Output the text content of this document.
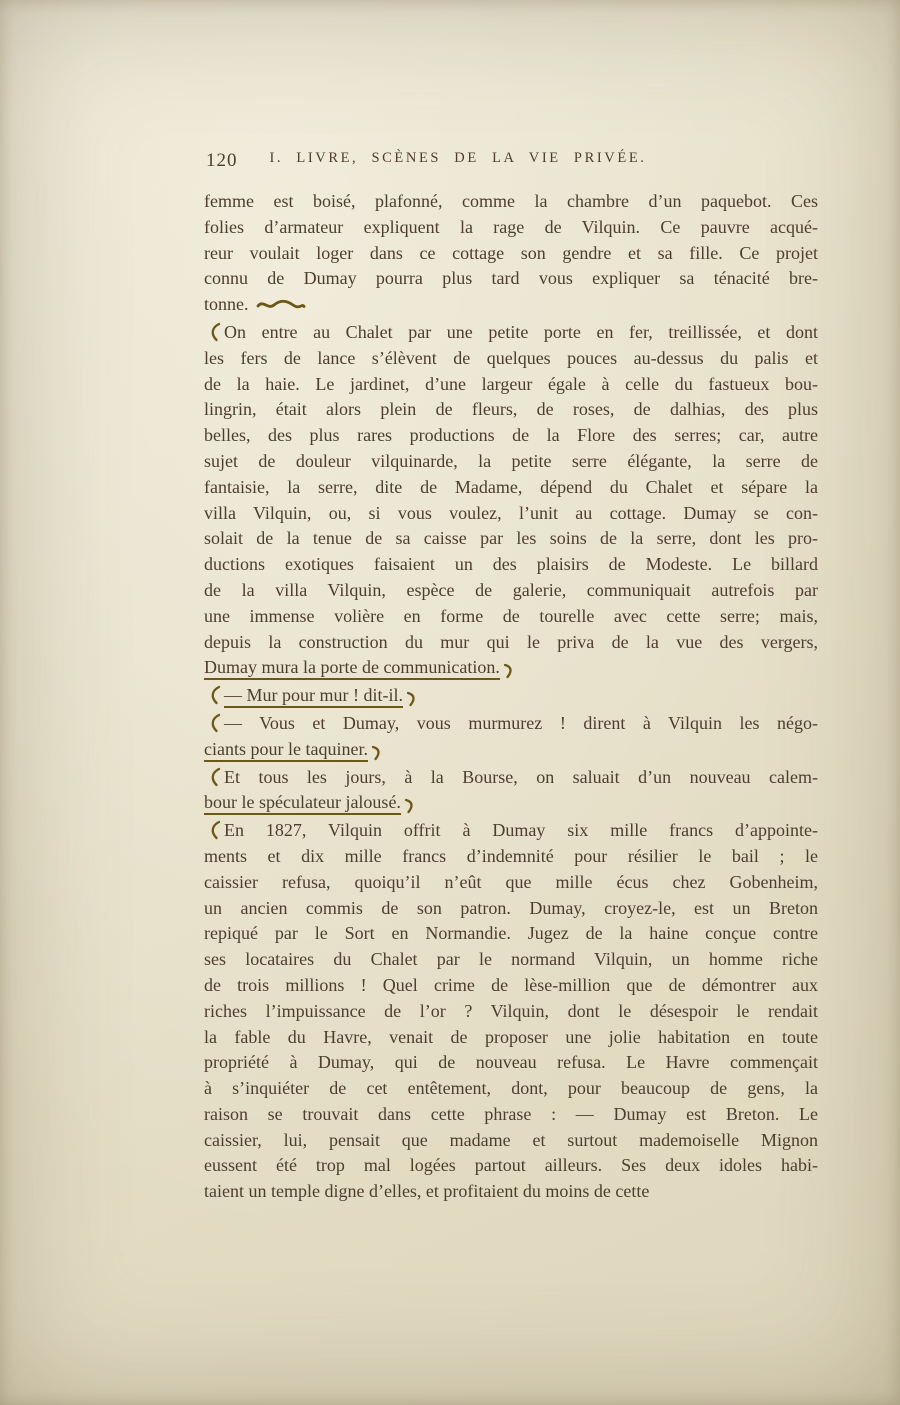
120 I. LIVRE, SCÈNES DE LA VIE PRIVÉE.
femme est boisé, plafonné, comme la chambre d’un paquebot. Ces
folies d’armateur expliquent la rage de Vilquin. Ce pauvre acqué-
reur voulait loger dans ce cottage son gendre et sa fille. Ce projet
connu de Dumay pourra plus tard vous expliquer sa ténacité bre-
tonne.
On entre au Chalet par une petite porte en fer, treillissée, et dont
les fers de lance s’élèvent de quelques pouces au-dessus du palis et
de la haie. Le jardinet, d’une largeur égale à celle du fastueux bou-
lingrin, était alors plein de fleurs, de roses, de dalhias, des plus
belles, des plus rares productions de la Flore des serres; car, autre
sujet de douleur vilquinarde, la petite serre élégante, la serre de
fantaisie, la serre, dite de Madame, dépend du Chalet et sépare la
villa Vilquin, ou, si vous voulez, l’unit au cottage. Dumay se con-
solait de la tenue de sa caisse par les soins de la serre, dont les pro-
ductions exotiques faisaient un des plaisirs de Modeste. Le billard
de la villa Vilquin, espèce de galerie, communiquait autrefois par
une immense volière en forme de tourelle avec cette serre; mais,
depuis la construction du mur qui le priva de la vue des vergers,
Dumay mura la porte de communication.
— Mur pour mur ! dit-il.
— Vous et Dumay, vous murmurez ! dirent à Vilquin les négo-
ciants pour le taquiner.
Et tous les jours, à la Bourse, on saluait d’un nouveau calem-
bour le spéculateur jalousé.
En 1827, Vilquin offrit à Dumay six mille francs d’appointe-
ments et dix mille francs d’indemnité pour résilier le bail ; le
caissier refusa, quoiqu’il n’eût que mille écus chez Gobenheim,
un ancien commis de son patron. Dumay, croyez-le, est un Breton
repiqué par le Sort en Normandie. Jugez de la haine conçue contre
ses locataires du Chalet par le normand Vilquin, un homme riche
de trois millions ! Quel crime de lèse-million que de démontrer aux
riches l’impuissance de l’or ? Vilquin, dont le désespoir le rendait
la fable du Havre, venait de proposer une jolie habitation en toute
propriété à Dumay, qui de nouveau refusa. Le Havre commençait
à s’inquiéter de cet entêtement, dont, pour beaucoup de gens, la
raison se trouvait dans cette phrase : — Dumay est Breton. Le
caissier, lui, pensait que madame et surtout mademoiselle Mignon
eussent été trop mal logées partout ailleurs. Ses deux idoles habi-
taient un temple digne d’elles, et profitaient du moins de cette
